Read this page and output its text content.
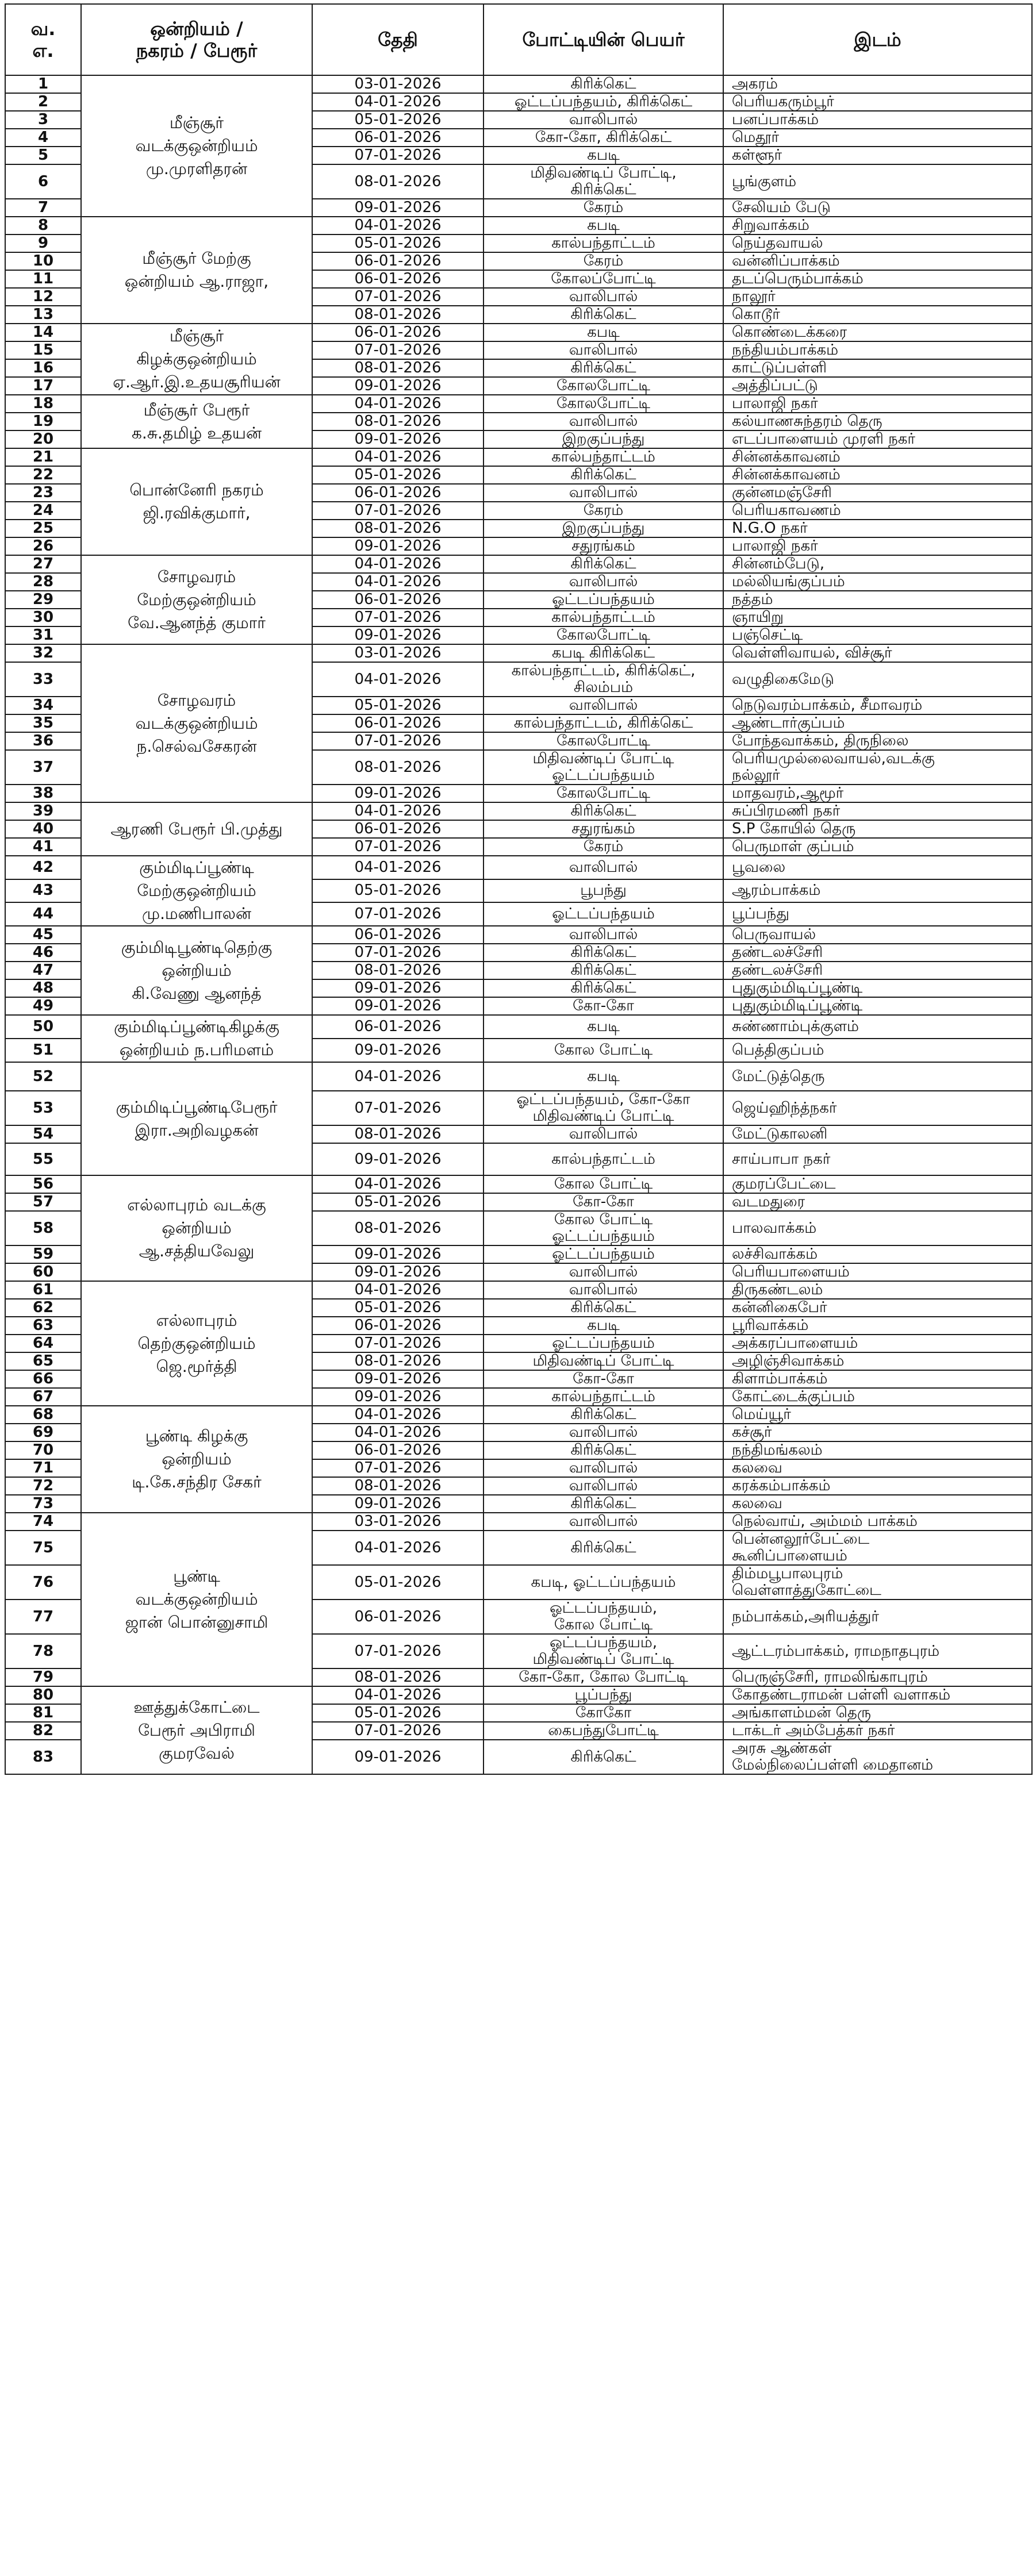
வ.
எ.	ஒன்றியம் /
நகரம் / பேரூர்	தேதி	போட்டியின் பெயர்	இடம்
1	மீஞ்சூர்
வடக்குஒன்றியம்
மு.முரளிதரன்	03-01-2026	கிரிக்கெட்	அகரம்
2		04-01-2026	ஓட்டப்பந்தயம், கிரிக்கெட்	பெரியகரும்பூர்
3		05-01-2026	வாலிபால்	பனப்பாக்கம்
4		06-01-2026	கோ-கோ, கிரிக்கெட்	மெதூர்
5		07-01-2026	கபடி	கள்ளூர்
6		08-01-2026	மிதிவண்டிப் போட்டி,
கிரிக்கெட்	பூங்குளம்
7		09-01-2026	கேரம்	சேலியம் பேடு
8	மீஞ்சூர் மேற்கு
ஒன்றியம் ஆ.ராஜா,	04-01-2026	கபடி	சிறுவாக்கம்
9		05-01-2026	கால்பந்தாட்டம்	நெய்தவாயல்
10		06-01-2026	கேரம்	வன்னிப்பாக்கம்
11		06-01-2026	கோலப்போட்டி	தடப்பெரும்பாக்கம்
12		07-01-2026	வாலிபால்	நாலூர்
13		08-01-2026	கிரிக்கெட்	கொடூர்
14	மீஞ்சூர்
கிழக்குஒன்றியம்
ஏ.ஆர்.இ.உதயசூரியன்	06-01-2026	கபடி	கொண்டைக்கரை
15		07-01-2026	வாலிபால்	நந்தியம்பாக்கம்
16		08-01-2026	கிரிக்கெட்	காட்டுப்பள்ளி
17		09-01-2026	கோலபோட்டி	அத்திப்பட்டு
18	மீஞ்சூர் பேரூர்
க.சு.தமிழ் உதயன்	04-01-2026	கோலபோட்டி	பாலாஜி நகர்
19		08-01-2026	வாலிபால்	கல்யாணசுந்தரம் தெரு
20		09-01-2026	இறகுப்பந்து	எடப்பாளையம் முரளி நகர்
21	பொன்னேரி நகரம்
ஜி.ரவிக்குமார்,	04-01-2026	கால்பந்தாட்டம்	சின்னக்காவனம்
22		05-01-2026	கிரிக்கெட்	சின்னக்காவனம்
23		06-01-2026	வாலிபால்	குன்னமஞ்சேரி
24		07-01-2026	கேரம்	பெரியகாவணம்
25		08-01-2026	இறகுப்பந்து	N.G.O நகர்
26		09-01-2026	சதுரங்கம்	பாலாஜி நகர்
27	சோழவரம்
மேற்குஒன்றியம்
வே.ஆனந்த் குமார்	04-01-2026	கிரிக்கெட்	சின்னம்பேடு,
28		04-01-2026	வாலிபால்	மல்லியங்குப்பம்
29		06-01-2026	ஓட்டப்பந்தயம்	நத்தம்
30		07-01-2026	கால்பந்தாட்டம்	ஞாயிறு
31		09-01-2026	கோலபோட்டி	பஞ்செட்டி
32	சோழவரம்
வடக்குஒன்றியம்
ந.செல்வசேகரன்	03-01-2026	கபடி கிரிக்கெட்	வெள்ளிவாயல், விச்சூர்
33		04-01-2026	கால்பந்தாட்டம், கிரிக்கெட்,
சிலம்பம்	வழுதிகைமேடு
34		05-01-2026	வாலிபால்	நெடுவரம்பாக்கம், சீமாவரம்
35		06-01-2026	கால்பந்தாட்டம், கிரிக்கெட்	ஆண்டார்குப்பம்
36		07-01-2026	கோலபோட்டி	போந்தவாக்கம், திருநிலை
37		08-01-2026	மிதிவண்டிப் போட்டி
ஓட்டப்பந்தயம்	பெரியமுல்லைவாயல்,வடக்கு
நல்லூர்
38		09-01-2026	கோலபோட்டி	மாதவரம்,ஆமூர்
39	ஆரணி பேரூர் பி.முத்து	04-01-2026	கிரிக்கெட்	சுப்பிரமணி நகர்
40		06-01-2026	சதுரங்கம்	S.P கோயில் தெரு
41		07-01-2026	கேரம்	பெருமாள் குப்பம்
42	கும்மிடிப்பூண்டி
மேற்குஒன்றியம்
மு.மணிபாலன்	04-01-2026	வாலிபால்	பூவலை
43		05-01-2026	பூபந்து	ஆரம்பாக்கம்
44		07-01-2026	ஓட்டப்பந்தயம்	பூப்பந்து
45	கும்மிடிபூண்டிதெற்கு
ஒன்றியம்
கி.வேணு ஆனந்த்	06-01-2026	வாலிபால்	பெருவாயல்
46		07-01-2026	கிரிக்கெட்	தண்டலச்சேரி
47		08-01-2026	கிரிக்கெட்	தண்டலச்சேரி
48		09-01-2026	கிரிக்கெட்	புதுகும்மிடிப்பூண்டி
49		09-01-2026	கோ-கோ	புதுகும்மிடிப்பூண்டி
50	கும்மிடிப்பூண்டிகிழக்கு
ஒன்றியம் ந.பரிமளம்	06-01-2026	கபடி	சுண்ணாம்புக்குளம்
51		09-01-2026	கோல போட்டி	பெத்திகுப்பம்
52	கும்மிடிப்பூண்டிபேரூர்
இரா.அறிவழகன்	04-01-2026	கபடி	மேட்டுத்தெரு
53		07-01-2026	ஓட்டப்பந்தயம், கோ-கோ
மிதிவண்டிப் போட்டி	ஜெய்ஹிந்த்நகர்
54		08-01-2026	வாலிபால்	மேட்டுகாலனி
55		09-01-2026	கால்பந்தாட்டம்	சாய்பாபா நகர்
56	எல்லாபுரம் வடக்கு
ஒன்றியம்
ஆ.சத்தியவேலு	04-01-2026	கோல போட்டி	குமரப்பேட்டை
57		05-01-2026	கோ-கோ	வடமதுரை
58		08-01-2026	கோல போட்டி
ஓட்டப்பந்தயம்	பாலவாக்கம்
59		09-01-2026	ஓட்டப்பந்தயம்	லச்சிவாக்கம்
60		09-01-2026	வாலிபால்	பெரியபாளையம்
61	எல்லாபுரம்
தெற்குஒன்றியம்
ஜெ.மூர்த்தி	04-01-2026	வாலிபால்	திருகண்டலம்
62		05-01-2026	கிரிக்கெட்	கன்னிகைபேர்
63		06-01-2026	கபடி	பூரிவாக்கம்
64		07-01-2026	ஓட்டப்பந்தயம்	அக்கரப்பாளையம்
65		08-01-2026	மிதிவண்டிப் போட்டி	அழிஞ்சிவாக்கம்
66		09-01-2026	கோ-கோ	கிளாம்பாக்கம்
67		09-01-2026	கால்பந்தாட்டம்	கோட்டைக்குப்பம்
68	பூண்டி கிழக்கு
ஒன்றியம்
டி.கே.சந்திர சேகர்	04-01-2026	கிரிக்கெட்	மெய்யூர்
69		04-01-2026	வாலிபால்	கச்சூர்
70		06-01-2026	கிரிக்கெட்	நந்திமங்கலம்
71		07-01-2026	வாலிபால்	கலவை
72		08-01-2026	வாலிபால்	கரக்கம்பாக்கம்
73		09-01-2026	கிரிக்கெட்	கலவை
74	பூண்டி
வடக்குஒன்றியம்
ஜான் பொன்னுசாமி	03-01-2026	வாலிபால்	நெல்வாய், அம்மம் பாக்கம்
75		04-01-2026	கிரிக்கெட்	பென்னலூர்பேட்டை
கூனிப்பாளையம்
76		05-01-2026	கபடி, ஓட்டப்பந்தயம்	திம்மபூபாலபுரம்
வெள்ளாத்துகோட்டை
77		06-01-2026	ஓட்டப்பந்தயம்,
கோல போட்டி	நம்பாக்கம்,அரியத்துர்
78		07-01-2026	ஓட்டப்பந்தயம்,
மிதிவண்டிப் போட்டி	ஆட்டரம்பாக்கம், ராமநாதபுரம்
79		08-01-2026	கோ-கோ, கோல போட்டி	பெருஞ்சேரி, ராமலிங்காபுரம்
80	ஊத்துக்கோட்டை
பேரூர் அபிராமி
குமரவேல்	04-01-2026	பூப்பந்து	கோதண்டராமன் பள்ளி வளாகம்
81		05-01-2026	கோகோ	அங்காளம்மன் தெரு
82		07-01-2026	கைபந்துபோட்டி	டாக்டர் அம்பேத்கர் நகர்
83		09-01-2026	கிரிக்கெட்	அரசு ஆண்கள்
மேல்நிலைப்பள்ளி மைதானம்
